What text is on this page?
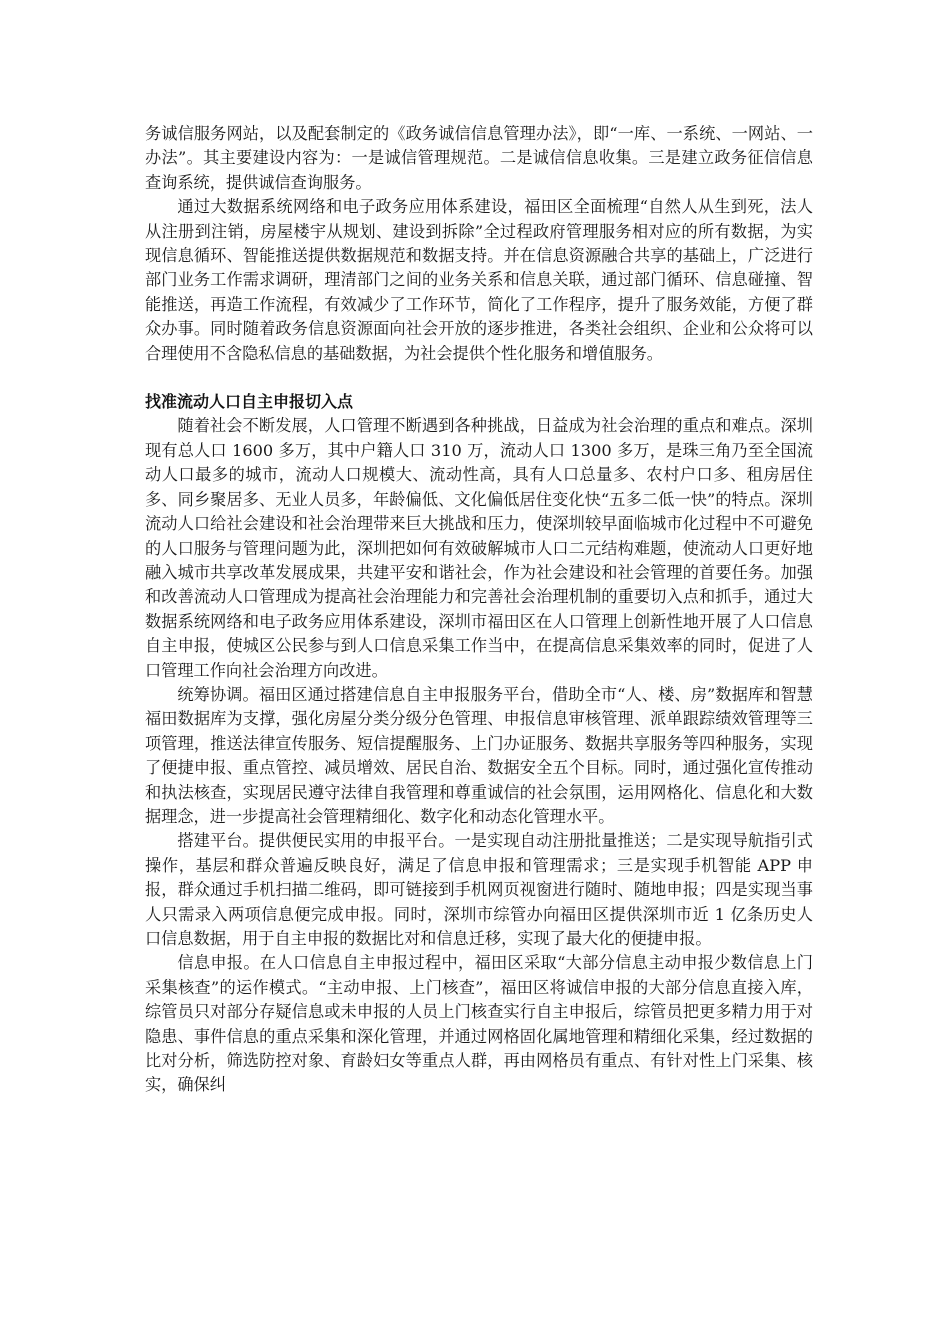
务诚信服务网站，以及配套制定的《政务诚信信息管理办法》，即“一库、一系统、一网站、一办法”。其主要建设内容为：一是诚信管理规范。二是诚信信息收集。三是建立政务征信信息查询系统，提供诚信查询服务。

通过大数据系统网络和电子政务应用体系建设，福田区全面梳理“自然人从生到死，法人从注册到注销，房屋楼宇从规划、建设到拆除”全过程政府管理服务相对应的所有数据，为实现信息循环、智能推送提供数据规范和数据支持。并在信息资源融合共享的基础上，广泛进行部门业务工作需求调研，理清部门之间的业务关系和信息关联，通过部门循环、信息碰撞、智能推送，再造工作流程，有效减少了工作环节，简化了工作程序，提升了服务效能，方便了群众办事。同时随着政务信息资源面向社会开放的逐步推进，各类社会组织、企业和公众将可以合理使用不含隐私信息的基础数据，为社会提供个性化服务和增值服务。

找准流动人口自主申报切入点

随着社会不断发展，人口管理不断遇到各种挑战，日益成为社会治理的重点和难点。深圳现有总人口 1600 多万，其中户籍人口 310 万，流动人口 1300 多万，是珠三角乃至全国流动人口最多的城市，流动人口规模大、流动性高，具有人口总量多、农村户口多、租房居住多、同乡聚居多、无业人员多，年龄偏低、文化偏低居住变化快“五多二低一快”的特点。深圳流动人口给社会建设和社会治理带来巨大挑战和压力，使深圳较早面临城市化过程中不可避免的人口服务与管理问题为此，深圳把如何有效破解城市人口二元结构难题，使流动人口更好地融入城市共享改革发展成果，共建平安和谐社会，作为社会建设和社会管理的首要任务。加强和改善流动人口管理成为提高社会治理能力和完善社会治理机制的重要切入点和抓手，通过大数据系统网络和电子政务应用体系建设，深圳市福田区在人口管理上创新性地开展了人口信息自主申报，使城区公民参与到人口信息采集工作当中，在提高信息采集效率的同时，促进了人口管理工作向社会治理方向改进。

统筹协调。福田区通过搭建信息自主申报服务平台，借助全市“人、楼、房”数据库和智慧福田数据库为支撑，强化房屋分类分级分色管理、申报信息审核管理、派单跟踪绩效管理等三项管理，推送法律宣传服务、短信提醒服务、上门办证服务、数据共享服务等四种服务，实现了便捷申报、重点管控、减员增效、居民自治、数据安全五个目标。同时，通过强化宣传推动和执法核查，实现居民遵守法律自我管理和尊重诚信的社会氛围，运用网格化、信息化和大数据理念，进一步提高社会管理精细化、数字化和动态化管理水平。

搭建平台。提供便民实用的申报平台。一是实现自动注册批量推送；二是实现导航指引式操作，基层和群众普遍反映良好，满足了信息申报和管理需求；三是实现手机智能 APP 申报，群众通过手机扫描二维码，即可链接到手机网页视窗进行随时、随地申报；四是实现当事人只需录入两项信息便完成申报。同时，深圳市综管办向福田区提供深圳市近 1 亿条历史人口信息数据，用于自主申报的数据比对和信息迁移，实现了最大化的便捷申报。

信息申报。在人口信息自主申报过程中，福田区采取“大部分信息主动申报少数信息上门采集核查”的运作模式。“主动申报、上门核查”，福田区将诚信申报的大部分信息直接入库，综管员只对部分存疑信息或未申报的人员上门核查实行自主申报后，综管员把更多精力用于对隐患、事件信息的重点采集和深化管理，并通过网格固化属地管理和精细化采集，经过数据的比对分析，筛选防控对象、育龄妇女等重点人群，再由网格员有重点、有针对性上门采集、核实，确保纠
